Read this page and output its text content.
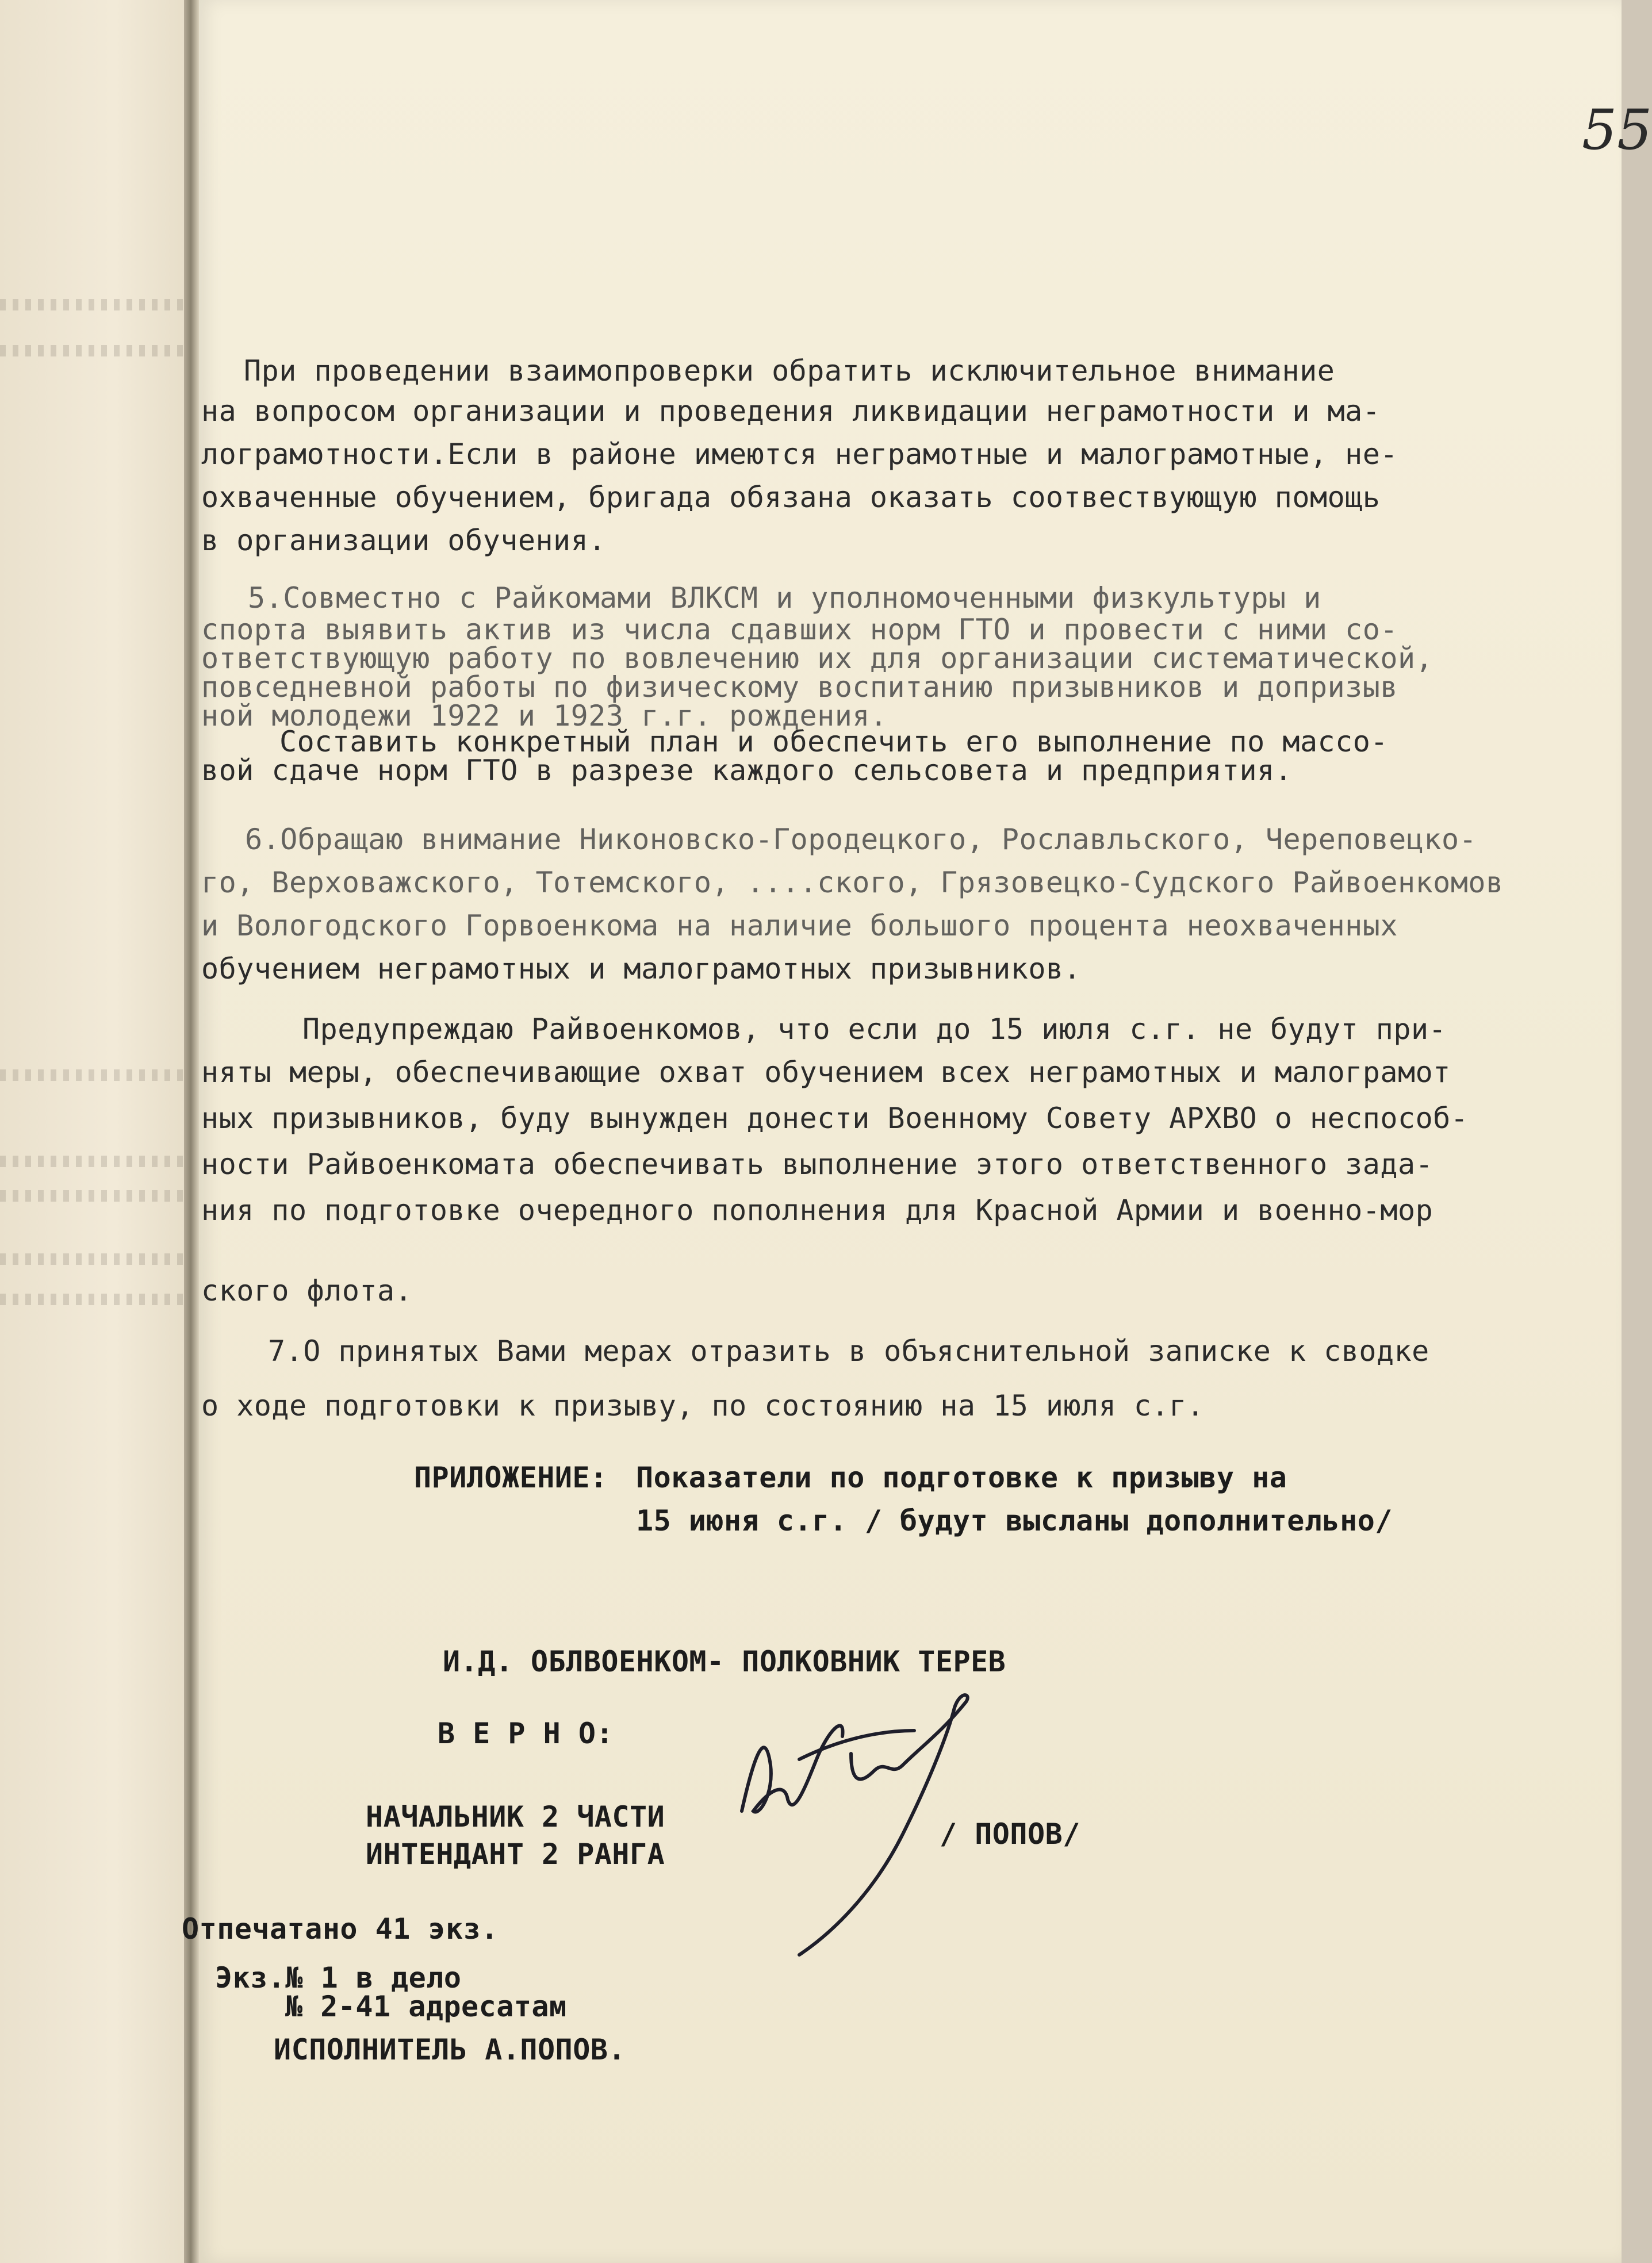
55
При проведении взаимопроверки обратить исключительное внимание
на вопросом организации и проведения ликвидации неграмотности и ма-
лограмотности.Если в районе имеются неграмотные и малограмотные, не-
охваченные обучением, бригада обязана оказать соотвествующую помощь
в организации обучения.
5.Совместно с Райкомами ВЛКСМ и уполномоченными физкультуры и
спорта выявить актив из числа сдавших норм ГТО и провести с ними со-
ответствующую работу по вовлечению их для организации систематической,
повседневной работы по физическому воспитанию призывников и допризыв
ной молодежи 1922 и 1923 г.г. рождения.
Составить конкретный план и обеспечить его выполнение по массо-
вой сдаче норм ГТО в разрезе каждого сельсовета и предприятия.
6.Обращаю внимание Никоновско-Городецкого, Рославльского, Череповецко-
го, Верховажского, Тотемского, ....ского, Грязовецко-Судского Райвоенкомов
и Вологодского Горвоенкома на наличие большого процента неохваченных
обучением неграмотных и малограмотных призывников.
Предупреждаю Райвоенкомов, что если до 15 июля с.г. не будут при-
няты меры, обеспечивающие охват обучением всех неграмотных и малограмот
ных призывников, буду вынужден донести Военному Совету АРХВО о неспособ-
ности Райвоенкомата обеспечивать выполнение этого ответственного зада-
ния по подготовке очередного пополнения для Красной Армии и военно-мор
ского флота.
7.О принятых Вами мерах отразить в объяснительной записке к сводке
о ходе подготовки к призыву, по состоянию на 15 июля с.г.
ПРИЛОЖЕНИЕ: Показатели по подготовке к призыву на
15 июня с.г. / будут высланы дополнительно/
И.Д. ОБЛВОЕНКОМ- ПОЛКОВНИК ТЕРЕВ
В Е Р Н О:
НАЧАЛЬНИК 2 ЧАСТИ
ИНТЕНДАНТ 2 РАНГА
/ ПОПОВ/
Отпечатано 41 экз.
Экз.№ 1 в дело
№ 2-41 адресатам
ИСПОЛНИТЕЛЬ А.ПОПОВ.
